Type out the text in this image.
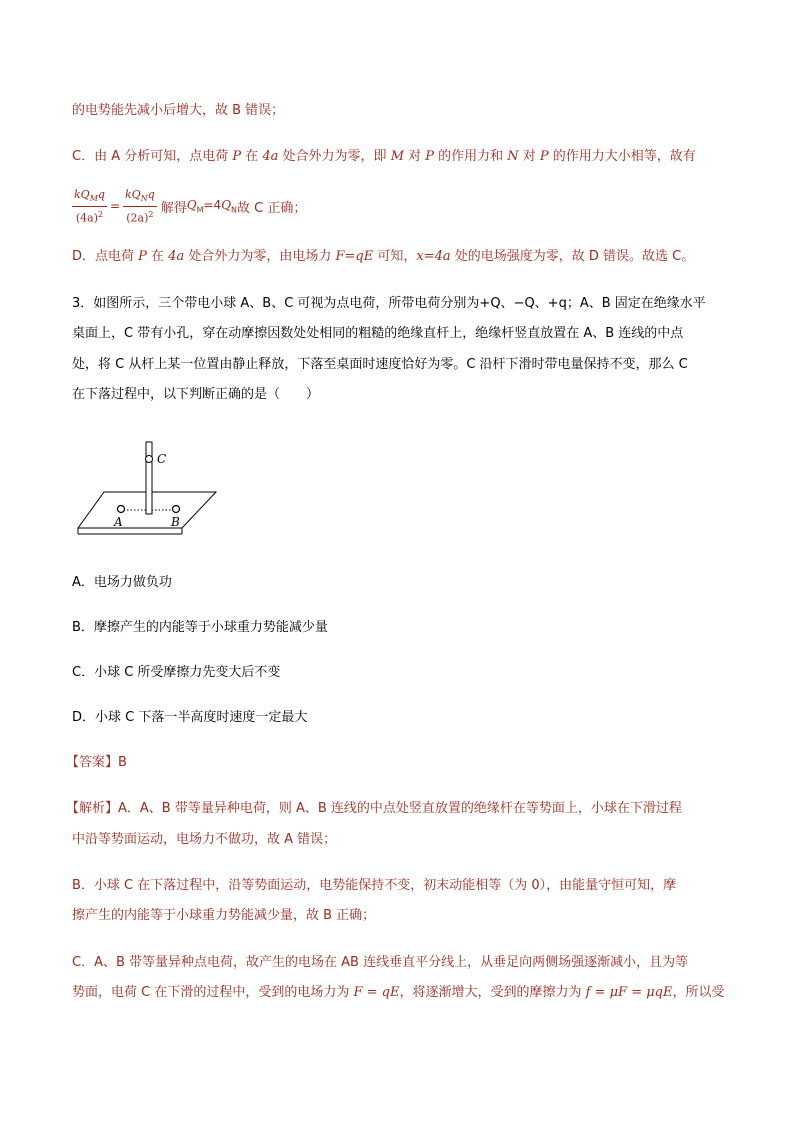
的电势能先减小后增大，故 B 错误；
C．由 A 分析可知，点电荷 P 在 4a 处合外力为零，即 M 对 P 的作用力和 N 对 P 的作用力大小相等，故有
$\frac{kQ_Mq}{(4a)^2} = \frac{kQ_Nq}{(2a)^2}$ 解得 $Q_M=4Q_N$ 故 C 正确；
D．点电荷 P 在 4a 处合外力为零，由电场力 F=qE 可知，x=4a 处的电场强度为零，故 D 错误。故选 C。
3．如图所示，三个带电小球 A、B、C 可视为点电荷，所带电荷分别为+Q、−Q、+q；A、B 固定在绝缘水平
桌面上，C 带有小孔，穿在动摩擦因数处处相同的粗糙的绝缘直杆上，绝缘杆竖直放置在 A、B 连线的中点
处，将 C 从杆上某一位置由静止释放，下落至桌面时速度恰好为零。C 沿杆下滑时带电量保持不变，那么 C
在下落过程中，以下判断正确的是（　　）
C
A	B
A．电场力做负功
B．摩擦产生的内能等于小球重力势能减少量
C．小球 C 所受摩擦力先变大后不变
D．小球 C 下落一半高度时速度一定最大
【答案】B
【解析】A．A、B 带等量异种电荷，则 A、B 连线的中点处竖直放置的绝缘杆在等势面上，小球在下滑过程
中沿等势面运动，电场力不做功，故 A 错误；
B．小球 C 在下落过程中，沿等势面运动，电势能保持不变，初末动能相等（为 0），由能量守恒可知，摩
擦产生的内能等于小球重力势能减少量，故 B 正确；
C．A、B 带等量异种点电荷，故产生的电场在 AB 连线垂直平分线上，从垂足向两侧场强逐渐减小，且为等
势面，电荷 C 在下滑的过程中，受到的电场力为 F = qE，将逐渐增大，受到的摩擦力为 f = μF = μqE，所以受
